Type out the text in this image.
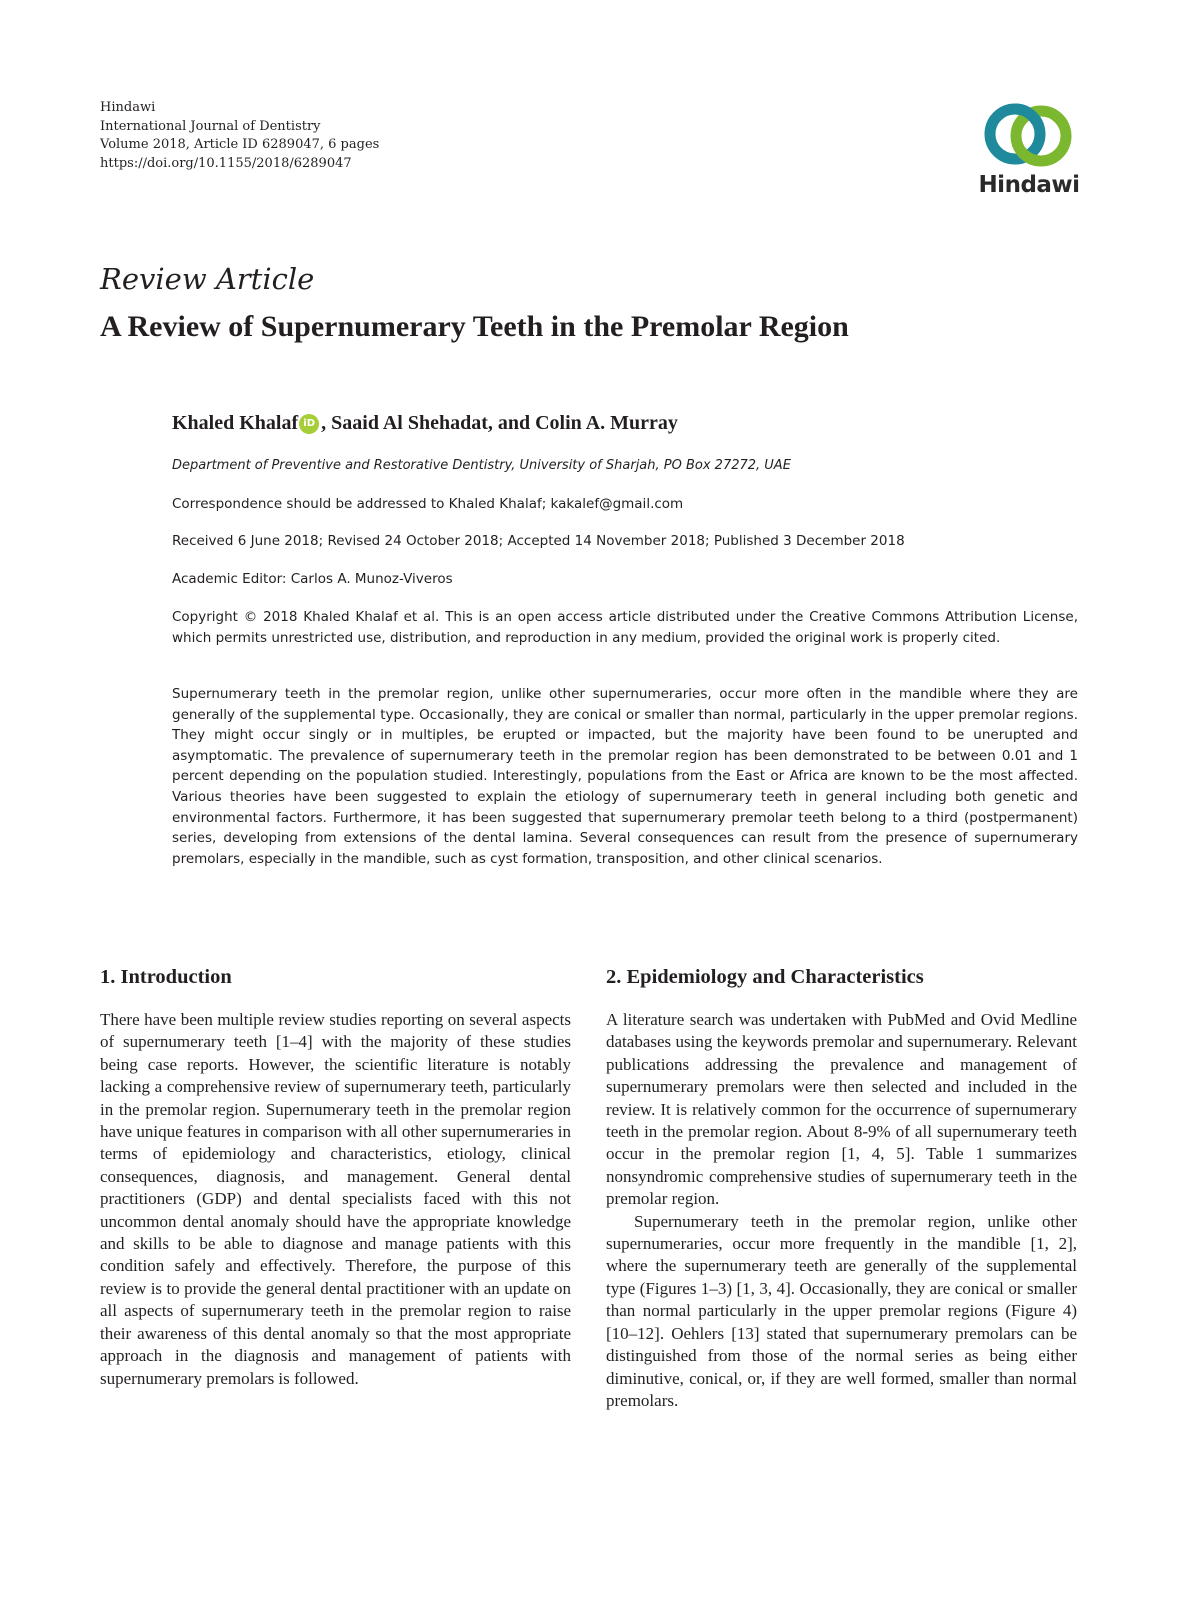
Hindawi
International Journal of Dentistry
Volume 2018, Article ID 6289047, 6 pages
https://doi.org/10.1155/2018/6289047
Hindawi
Review Article
A Review of Supernumerary Teeth in the Premolar Region
Khaled Khalaf iD , Saaid Al Shehadat, and Colin A. Murray
Department of Preventive and Restorative Dentistry, University of Sharjah, PO Box 27272, UAE
Correspondence should be addressed to Khaled Khalaf; kakalef@gmail.com
Received 6 June 2018; Revised 24 October 2018; Accepted 14 November 2018; Published 3 December 2018
Academic Editor: Carlos A. Munoz-Viveros
Copyright © 2018 Khaled Khalaf et al. This is an open access article distributed under the Creative Commons Attribution License, which permits unrestricted use, distribution, and reproduction in any medium, provided the original work is properly cited.
Supernumerary teeth in the premolar region, unlike other supernumeraries, occur more often in the mandible where they are generally of the supplemental type. Occasionally, they are conical or smaller than normal, particularly in the upper premolar regions. They might occur singly or in multiples, be erupted or impacted, but the majority have been found to be unerupted and asymptomatic. The prevalence of supernumerary teeth in the premolar region has been demonstrated to be between 0.01 and 1 percent depending on the population studied. Interestingly, populations from the East or Africa are known to be the most affected. Various theories have been suggested to explain the etiology of supernumerary teeth in general including both genetic and environmental factors. Furthermore, it has been suggested that supernumerary premolar teeth belong to a third (postpermanent) series, developing from extensions of the dental lamina. Several consequences can result from the presence of supernumerary premolars, especially in the mandible, such as cyst formation, transposition, and other clinical scenarios.
1. Introduction

There have been multiple review studies reporting on several aspects of supernumerary teeth [1–4] with the majority of these studies being case reports. However, the scientific literature is notably lacking a comprehensive review of supernumerary teeth, particularly in the premolar region. Supernumerary teeth in the premolar region have unique features in comparison with all other supernumeraries in terms of epidemiology and characteristics, etiology, clinical consequences, diagnosis, and management. General dental practitioners (GDP) and dental specialists faced with this not uncommon dental anomaly should have the appropriate knowledge and skills to be able to diagnose and manage patients with this condition safely and effectively. Therefore, the purpose of this review is to provide the general dental practitioner with an update on all aspects of supernumerary teeth in the premolar region to raise their awareness of this dental anomaly so that the most appropriate approach in the diagnosis and management of patients with supernumerary premolars is followed.

2. Epidemiology and Characteristics

A literature search was undertaken with PubMed and Ovid Medline databases using the keywords premolar and supernumerary. Relevant publications addressing the prevalence and management of supernumerary premolars were then selected and included in the review. It is relatively common for the occurrence of supernumerary teeth in the premolar region. About 8-9% of all supernumerary teeth occur in the premolar region [1, 4, 5]. Table 1 summarizes nonsyndromic comprehensive studies of supernumerary teeth in the premolar region.

Supernumerary teeth in the premolar region, unlike other supernumeraries, occur more frequently in the mandible [1, 2], where the supernumerary teeth are generally of the supplemental type (Figures 1–3) [1, 3, 4]. Occasionally, they are conical or smaller than normal particularly in the upper premolar regions (Figure 4) [10–12]. Oehlers [13] stated that supernumerary premolars can be distinguished from those of the normal series as being either diminutive, conical, or, if they are well formed, smaller than normal premolars.
